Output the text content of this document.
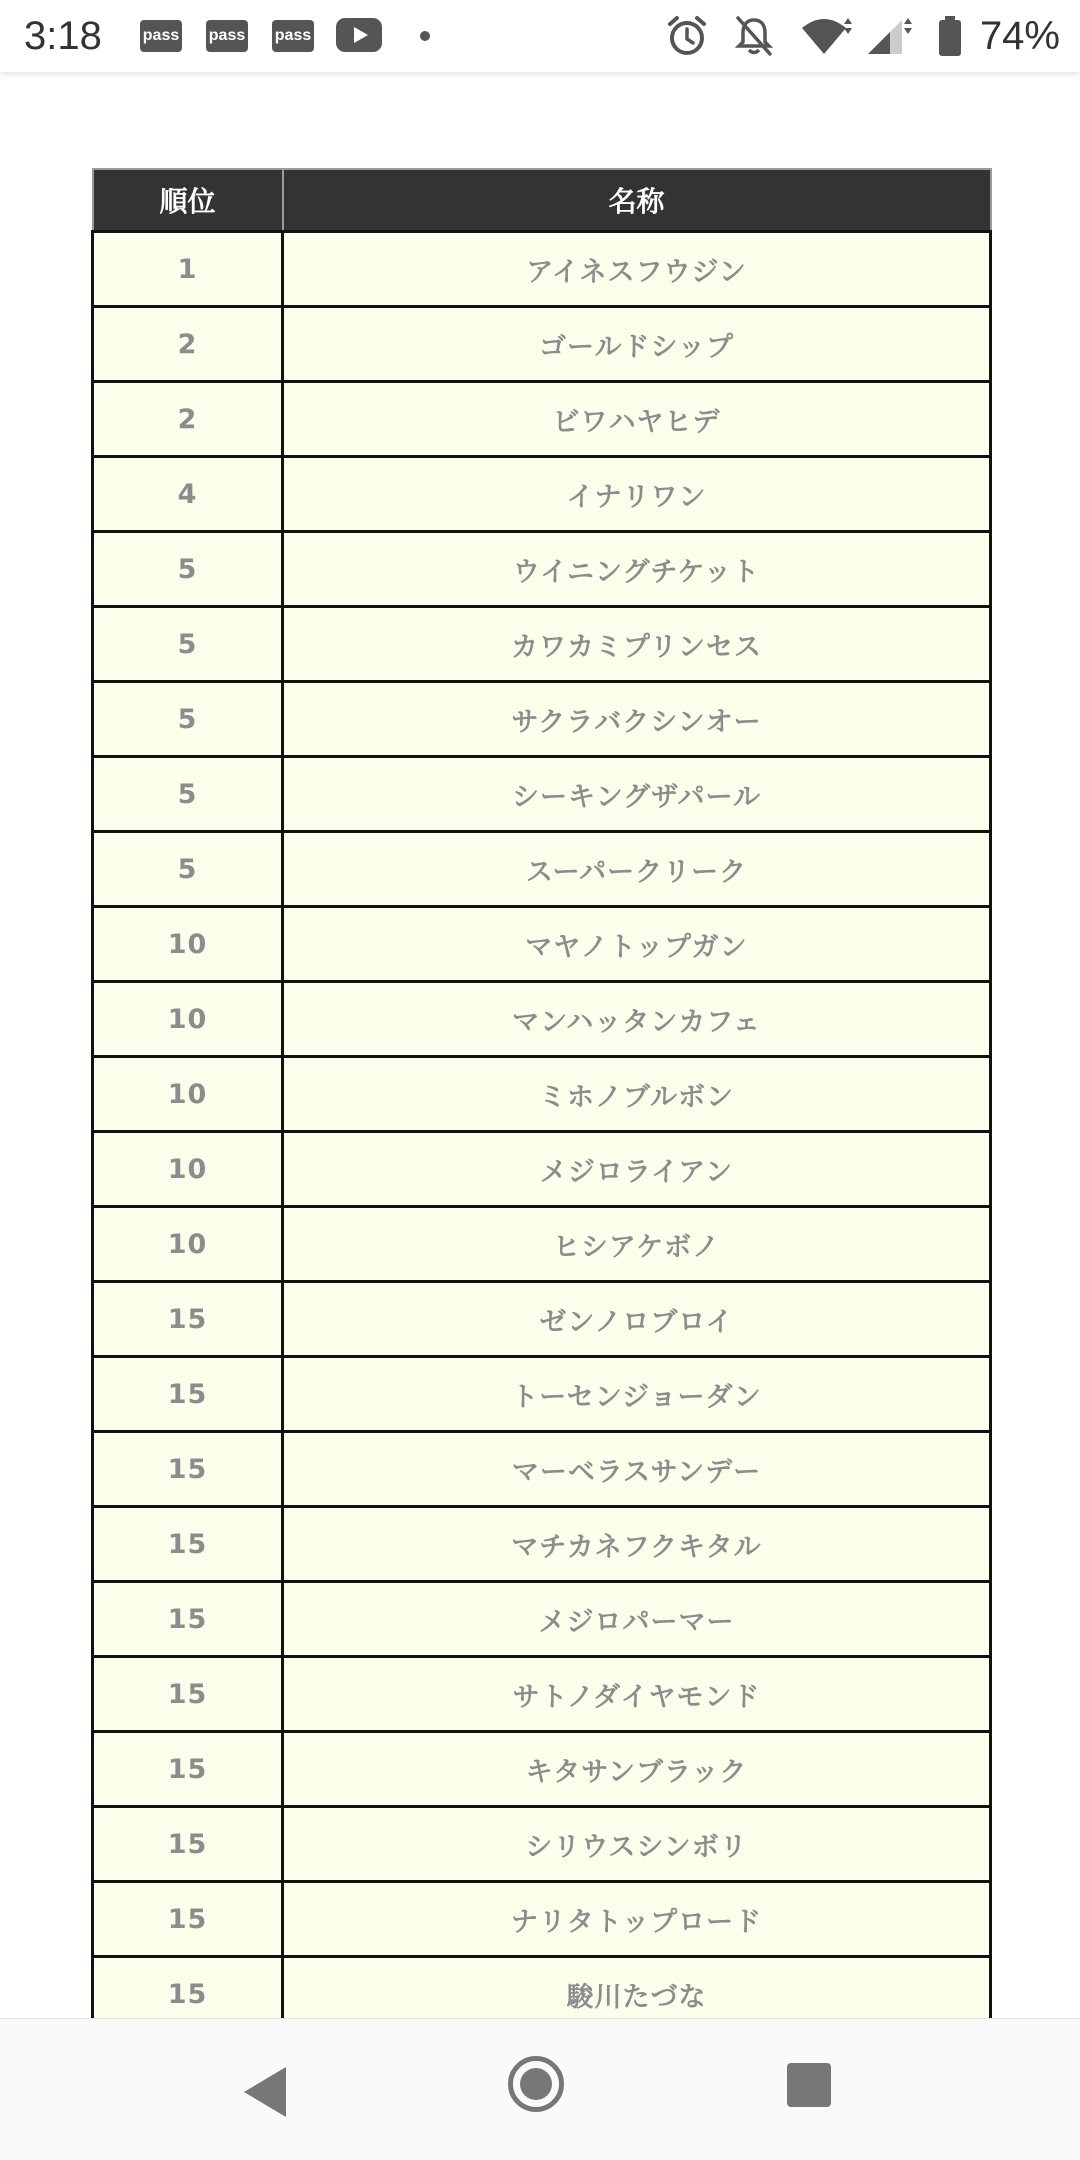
3:18	pass pass pass	74%
順位	名称
1	アイネスフウジン
2	ゴールドシップ
2	ビワハヤヒデ
4	イナリワン
5	ウイニングチケット
5	カワカミプリンセス
5	サクラバクシンオー
5	シーキングザパール
5	スーパークリーク
10	マヤノトップガン
10	マンハッタンカフェ
10	ミホノブルボン
10	メジロライアン
10	ヒシアケボノ
15	ゼンノロブロイ
15	トーセンジョーダン
15	マーベラスサンデー
15	マチカネフクキタル
15	メジロパーマー
15	サトノダイヤモンド
15	キタサンブラック
15	シリウスシンボリ
15	ナリタトップロード
15	駿川たづな
